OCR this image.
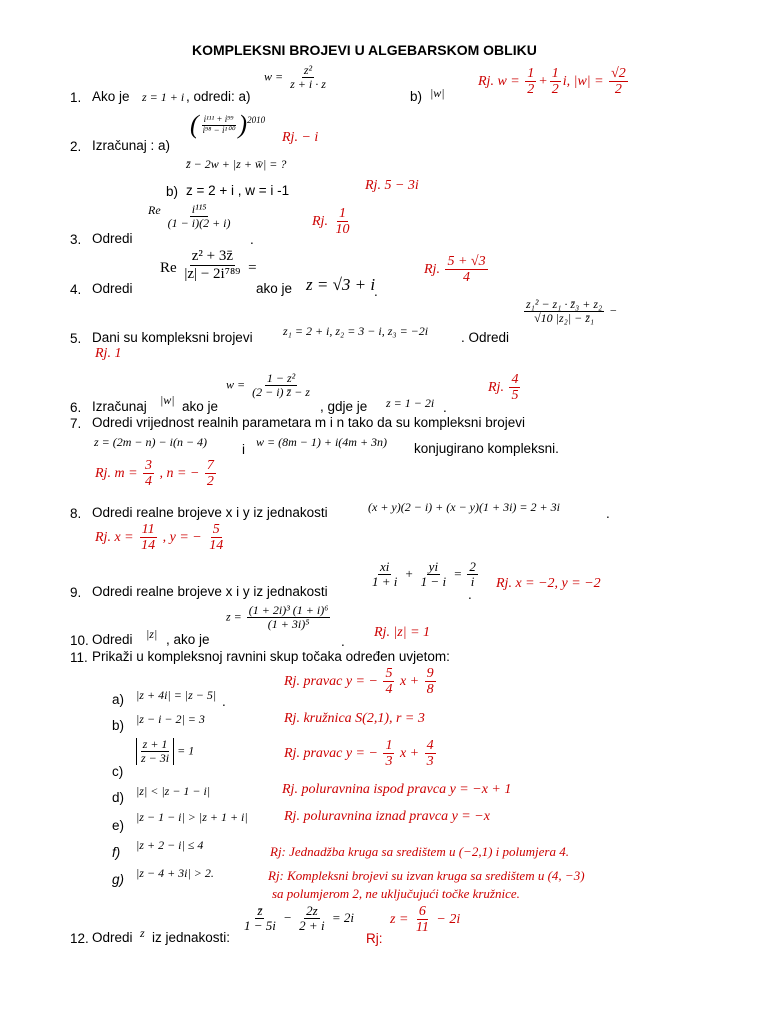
KOMPLEKSNI BROJEVI U ALGEBARSKOM OBLIKU
1. Ako je z = 1 + i , odredi: a)
$w = \frac{\text{z²}}{z + i \cdot z}$
b) |w|
Rj. $w = \frac{1}{2} + \frac{1}{2} i$, $|w| = \frac{√2}{2}$
2. Izračunaj : a)
( $\frac{\text{i¹¹¹ + i⁹⁹}}{\text{i⁹⁸ − i¹⁰⁰}} )^{2010}$
Rj. − i
z̄ − 2w + |z + w̄| = ?
b) z = 2 + i , w = i -1	Rj. 5 − 3i
3. Odredi
Re $\frac{\text{i¹¹⁵}}{(1 - i)(2 + i)}$
.
Rj. $\frac{1}{10}$
4. Odredi
Re $\frac{\text{z² + 3z̄}}{\text{|z| − 2i⁷⁸⁹}}$ =
ako je z = √3 + i
.
Rj. $\frac{5 + √3}{4}$
5. Dani su kompleksni brojevi	z₁ = 2 + i, z₂ = 3 − i, z₃ = −2i . Odredi
$\frac{\text{z₁² − z₁ · z̄₃ + z₂}}{\text{√10 |z₂| − z̄₁}}$ −
Rj. 1
6. Izračunaj |w| ako je
$w = \frac{\text{1 − z²}}{(2 - i) z̄ - z}$
, gdje je z = 1 − 2i .
Rj. $\frac{4}{5}$
7. Odredi vrijednost realnih parametara m i n tako da su kompleksni brojevi
z = (2m − n) − i(n − 4)	i w = (8m − 1) + i(4m + 3n) konjugirano kompleksni.
Rj. $m = \frac{3}{4}$ , n = − $\frac{7}{2}$
8. Odredi realne brojeve x i y iz jednakosti	(x + y)(2 − i) + (x − y)(1 + 3i) = 2 + 3i	.
Rj. $x = \frac{11}{14}$ , y = − $\frac{5}{14}$
9. Odredi realne brojeve x i y iz jednakosti
$\frac{xi}{1 + i} + \frac{yi}{1 - i} = \frac{2}{i}$
.
Rj. x = −2, y = −2
10. Odredi |z| , ako je
$z = \frac{\text{(1 + 2i)³ (1 + i)⁶}}{\text{(1 + 3i)⁵}}$
.
Rj. |z| = 1
11. Prikaži u kompleksnoj ravnini skup točaka određen uvjetom:
a) |z + 4i| = |z − 5| .
Rj. pravac y = − $\frac{5}{4}$ $x + \frac{9}{8}$
b) |z − i − 2| = 3	Rj. kružnica S(2,1), r = 3
c)
$\frac{z + 1}{z - 3i} = 1$	Rj. pravac y = − $\frac{1}{3}$ $x + \frac{4}{3}$
d) |z| < |z − 1 − i|	Rj. poluravnina ispod pravca y = −x + 1
e)
|z − 1 − i| > |z + 1 + i|	Rj. poluravnina iznad pravca y = −x
f) |z + 2 − i| ≤ 4	Rj: Jednadžba kruga sa središtem u (−2,1) i polumjera 4.
g) |z − 4 + 3i| > 2.	Rj: Kompleksni brojevi su izvan kruga sa središtem u (4, −3)
sa polumjerom 2, ne uključujući točke kružnice.
12. Odredi z iz jednakosti:
$\frac{z̄}{1 - 5i} - \frac{2z}{2 + i} = 2i$
Rj:
$z = \frac{6}{11} - 2i$
